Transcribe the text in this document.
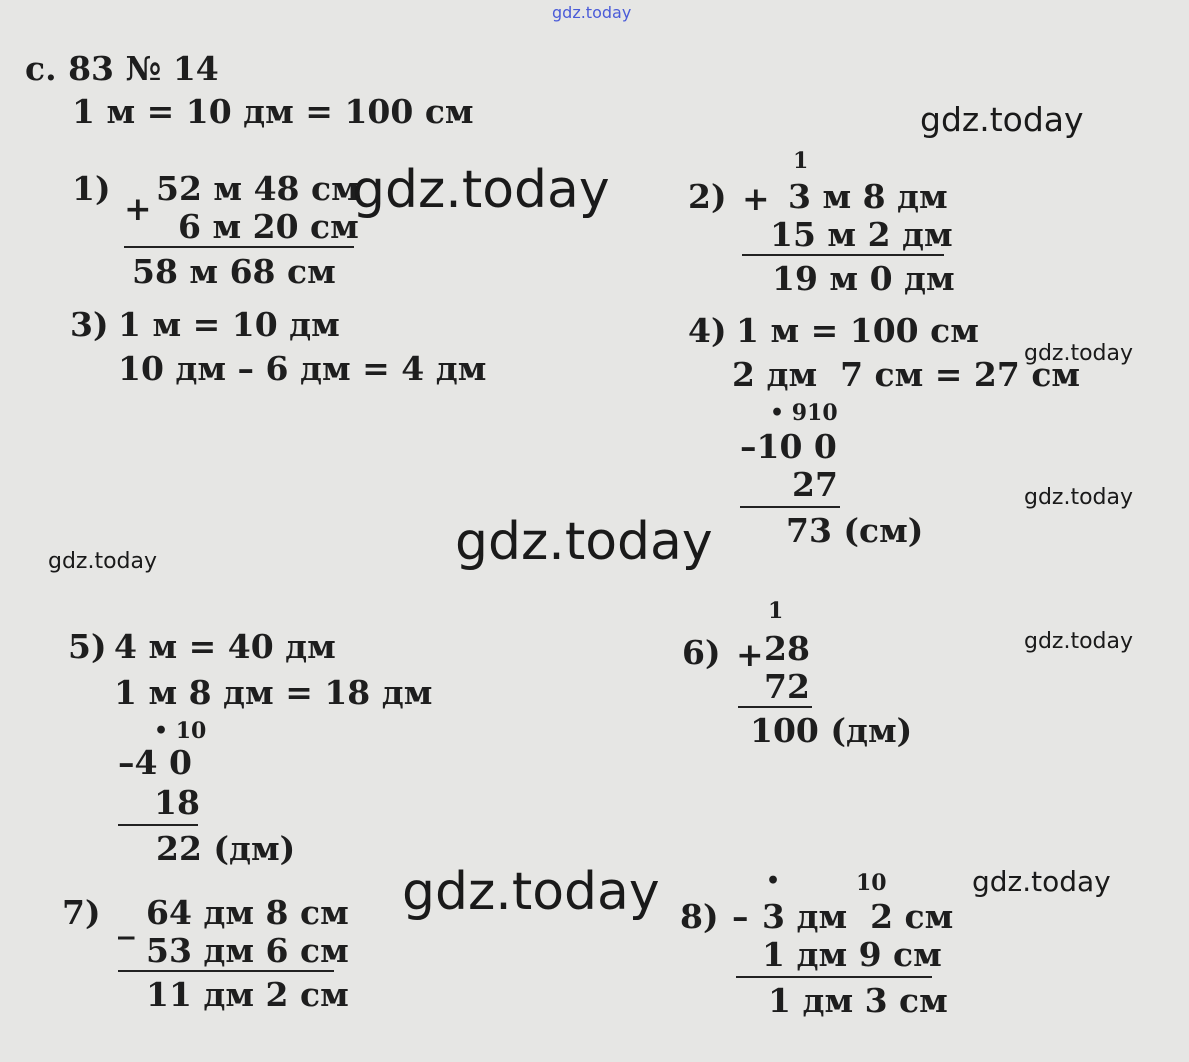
с. 83 № 14
1 м = 10 дм = 100 см
1)
+
52 м 48 см
6 м 20 см
58 м 68 см
1
2) + 3 м 8 дм
15 м 2 дм
19 м 0 дм
3) 1 м = 10 дм
10 дм – 6 дм = 4 дм
4) 1 м = 100 см
2 дм  7 см = 27 см
• 910
–10 0
27
73 (см)
5) 4 м = 40 дм
1 м 8 дм = 18 дм
• 10
–4 0
18
22 (дм)
1
6) + 28
72
100 (дм)
7) _ 64 дм 8 см
53 дм 6 см
11 дм 2 см
•	10
8) – 3 дм  2 см
1 дм 9 см
1 дм 3 см
gdz.today
gdz.today
gdz.today
gdz.today
gdz.today
gdz.today
gdz.today
gdz.today
gdz.today	gdz.today
